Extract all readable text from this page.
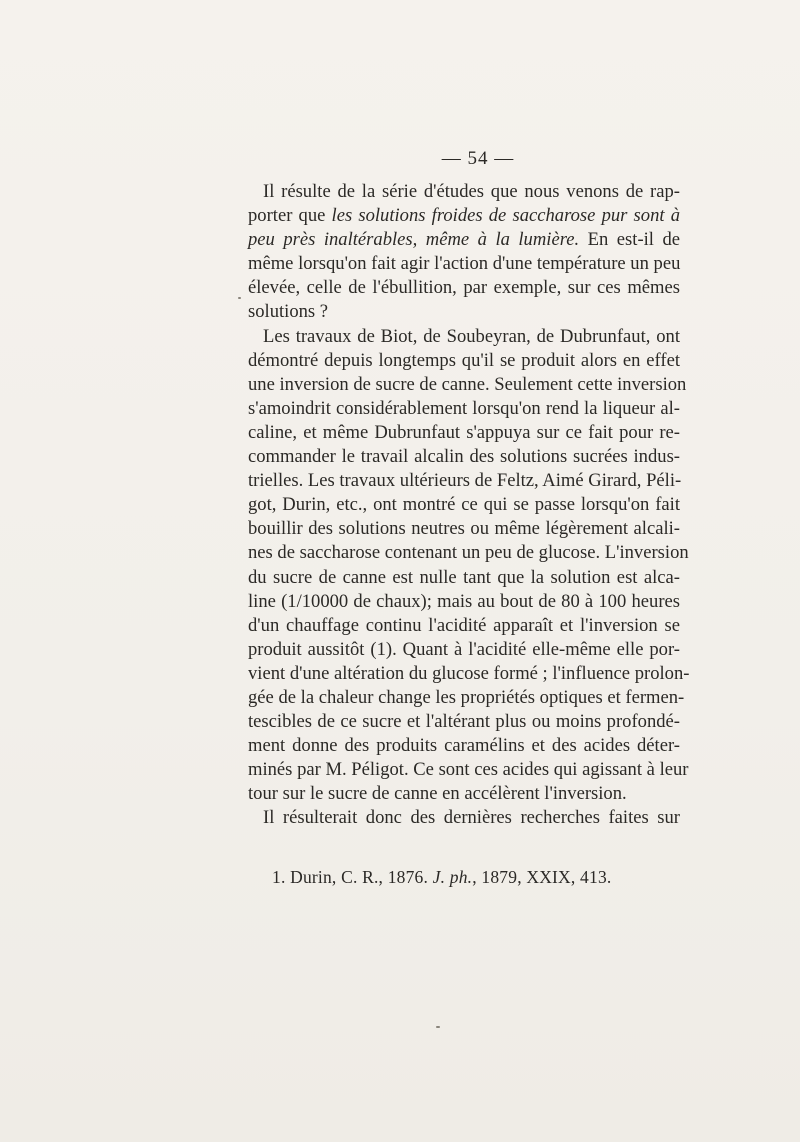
— 54 —
Il résulte de la série d'études que nous venons de rap-
porter que les solutions froides de saccharose pur sont à
peu près inaltérables, même à la lumière. En est-il de
même lorsqu'on fait agir l'action d'une température un peu
élevée, celle de l'ébullition, par exemple, sur ces mêmes
solutions ?
Les travaux de Biot, de Soubeyran, de Dubrunfaut, ont
démontré depuis longtemps qu'il se produit alors en effet
une inversion de sucre de canne. Seulement cette inversion
s'amoindrit considérablement lorsqu'on rend la liqueur al-
caline, et même Dubrunfaut s'appuya sur ce fait pour re-
commander le travail alcalin des solutions sucrées indus-
trielles. Les travaux ultérieurs de Feltz, Aimé Girard, Péli-
got, Durin, etc., ont montré ce qui se passe lorsqu'on fait
bouillir des solutions neutres ou même légèrement alcali-
nes de saccharose contenant un peu de glucose. L'inversion
du sucre de canne est nulle tant que la solution est alca-
line (1/10000 de chaux); mais au bout de 80 à 100 heures
d'un chauffage continu l'acidité apparaît et l'inversion se
produit aussitôt (1). Quant à l'acidité elle-même elle por-
vient d'une altération du glucose formé ; l'influence prolon-
gée de la chaleur change les propriétés optiques et fermen-
tescibles de ce sucre et l'altérant plus ou moins profondé-
ment donne des produits caramélins et des acides déter-
minés par M. Péligot. Ce sont ces acides qui agissant à leur
tour sur le sucre de canne en accélèrent l'inversion.
Il résulterait donc des dernières recherches faites sur
1. Durin, C. R., 1876. J. ph., 1879, XXIX, 413.
